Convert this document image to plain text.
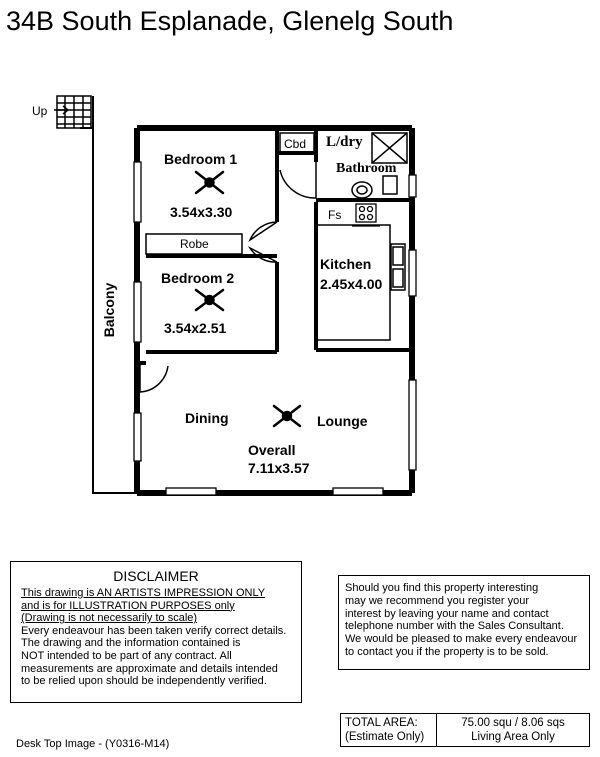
34B South Esplanade, Glenelg South
Up
Balcony
Cbd L/dry
Bathroom
Bedroom 1
3.54x3.30
Robe
Bedroom 2
3.54x2.51
Fs
Kitchen
2.45x4.00
Dining	Lounge
Overall
7.11x3.57
DISCLAIMER
This drawing is AN ARTISTS IMPRESSION ONLY
and is for ILLUSTRATION PURPOSES only
(Drawing is not necessarily to scale)
Every endeavour has been taken verify correct details.
The drawing and the information contained is
NOT intended to be part of any contract. All
measurements are approximate and details intended
to be relied upon should be independently verified.
Should you find this property interesting
may we recommend you register your
interest by leaving your name and contact
telephone number with the Sales Consultant.
We would be pleased to make every endeavour
to contact you if the property is to be sold.
TOTAL AREA:
(Estimate Only)
75.00 squ / 8.06 sqs
Living Area Only
Desk Top Image - (Y0316-M14)
